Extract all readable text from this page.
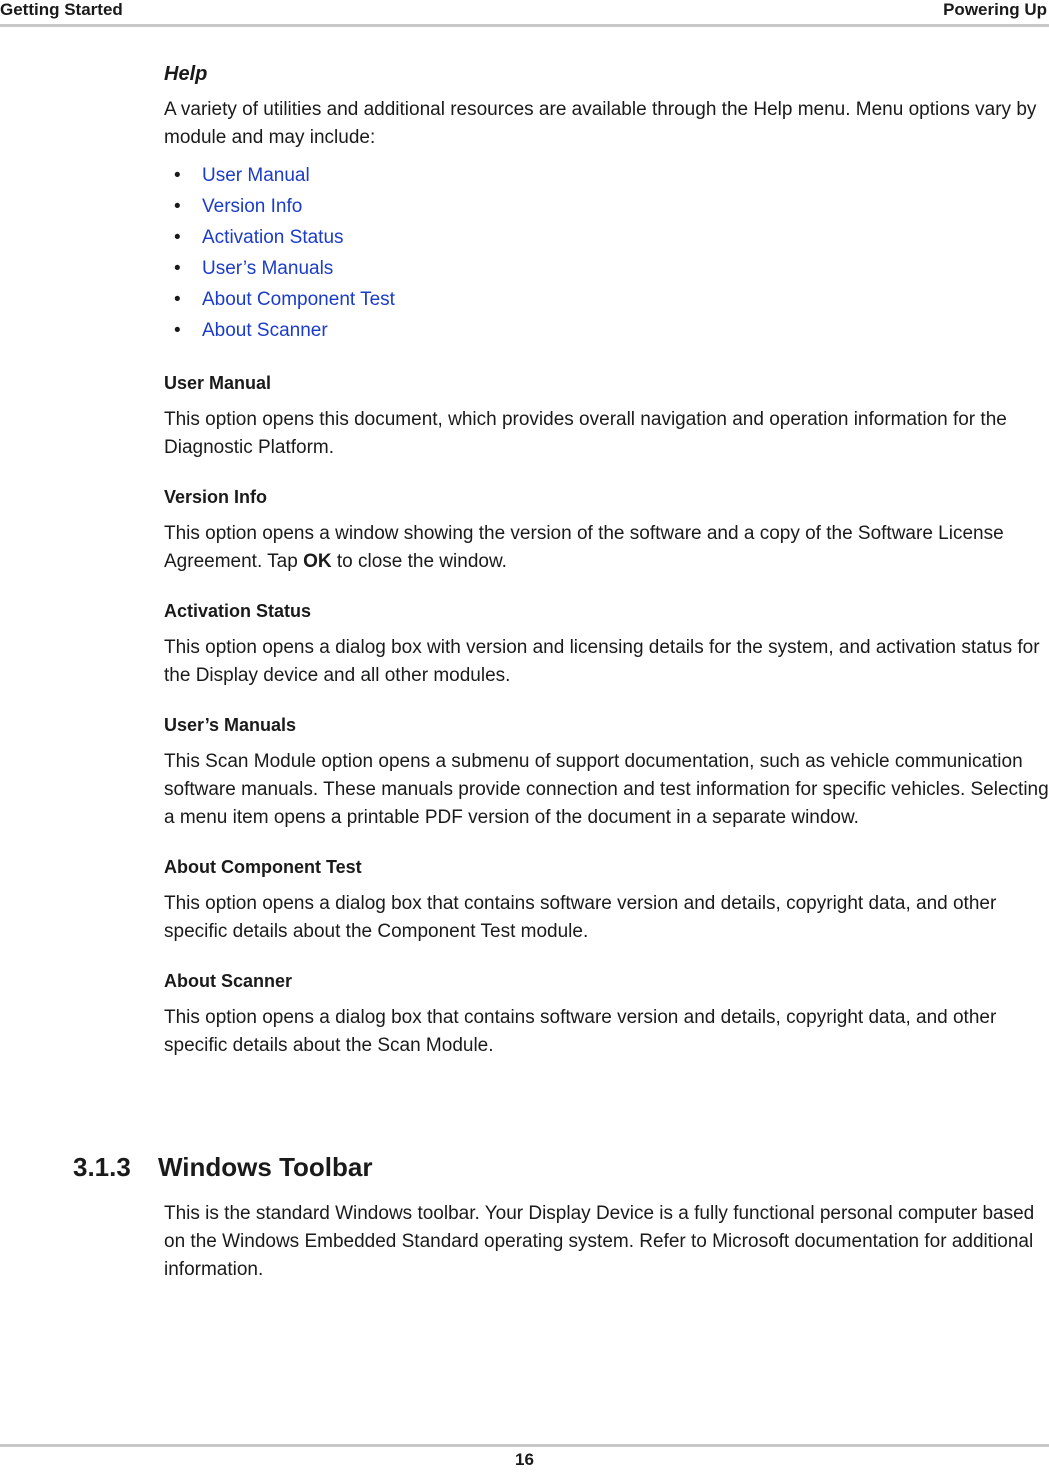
Getting Started	Powering Up
Help

A variety of utilities and additional resources are available through the Help menu. Menu options vary by module and may include:

• User Manual
• Version Info
• Activation Status
• User’s Manuals
• About Component Test
• About Scanner
User Manual

This option opens this document, which provides overall navigation and operation information for the Diagnostic Platform.

Version Info

This option opens a window showing the version of the software and a copy of the Software License Agreement. Tap OK to close the window.

Activation Status

This option opens a dialog box with version and licensing details for the system, and activation status for the Display device and all other modules.

User’s Manuals

This Scan Module option opens a submenu of support documentation, such as vehicle communication software manuals. These manuals provide connection and test information for specific vehicles. Selecting a menu item opens a printable PDF version of the document in a separate window.

About Component Test

This option opens a dialog box that contains software version and details, copyright data, and other specific details about the Component Test module.

About Scanner

This option opens a dialog box that contains software version and details, copyright data, and other specific details about the Scan Module.

3.1.3 Windows Toolbar

This is the standard Windows toolbar. Your Display Device is a fully functional personal computer based on the Windows Embedded Standard operating system. Refer to Microsoft documentation for additional information.

16
